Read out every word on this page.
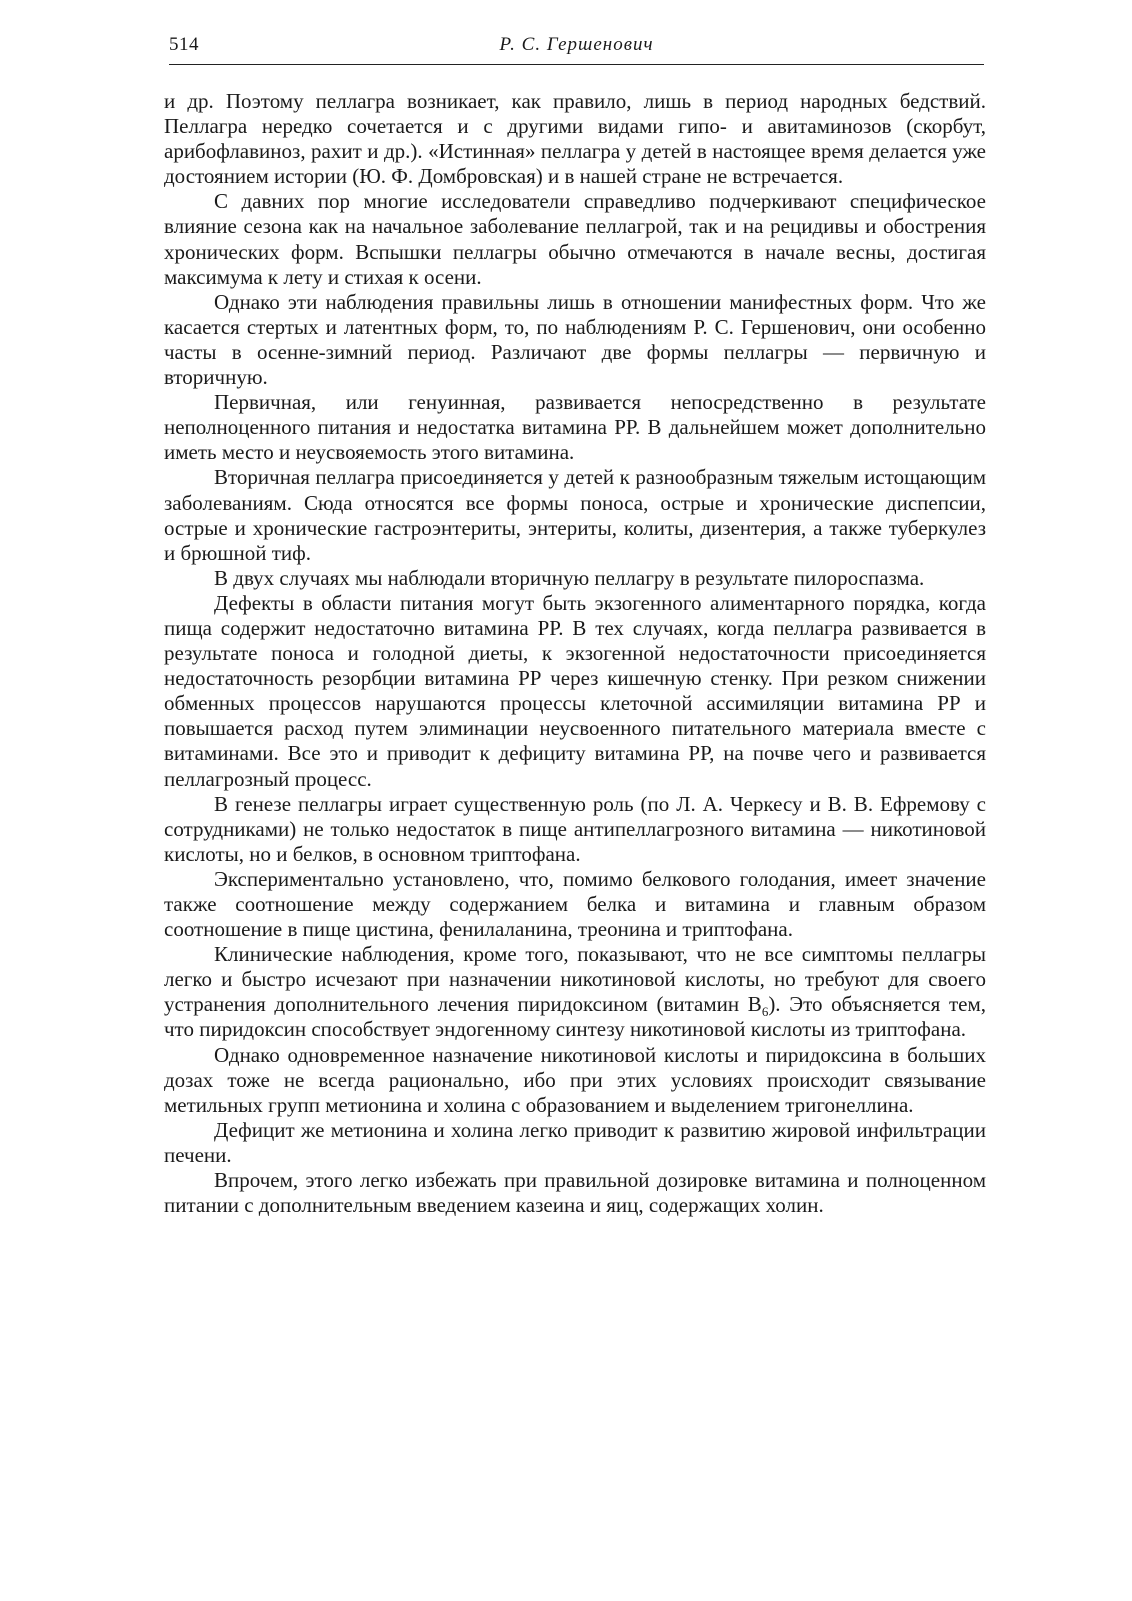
514	Р. С. Гершенович

и др. Поэтому пеллагра возникает, как правило, лишь в период народных бедствий. Пеллагра нередко сочетается и с другими видами гипо- и авитаминозов (скорбут, арибофлавиноз, рахит и др.). «Истинная» пеллагра у детей в настоящее время делается уже достоянием истории (Ю. Ф. Домбровская) и в нашей стране не встречается.

С давних пор многие исследователи справедливо подчеркивают специфическое влияние сезона как на начальное заболевание пеллагрой, так и на рецидивы и обострения хронических форм. Вспышки пеллагры обычно отмечаются в начале весны, достигая максимума к лету и стихая к осени.

Однако эти наблюдения правильны лишь в отношении манифестных форм. Что же касается стертых и латентных форм, то, по наблюдениям Р. С. Гершенович, они особенно часты в осенне-зимний период. Различают две формы пеллагры — первичную и вторичную.

Первичная, или генуинная, развивается непосредственно в результате неполноценного питания и недостатка витамина РР. В дальнейшем может дополнительно иметь место и неусвояемость этого витамина.

Вторичная пеллагра присоединяется у детей к разнообразным тяжелым истощающим заболеваниям. Сюда относятся все формы поноса, острые и хронические диспепсии, острые и хронические гастроэнтериты, энтериты, колиты, дизентерия, а также туберкулез и брюшной тиф.

В двух случаях мы наблюдали вторичную пеллагру в результате пилороспазма.

Дефекты в области питания могут быть экзогенного алиментарного порядка, когда пища содержит недостаточно витамина РР. В тех случаях, когда пеллагра развивается в результате поноса и голодной диеты, к экзогенной недостаточности присоединяется недостаточность резорбции витамина РР через кишечную стенку. При резком снижении обменных процессов нарушаются процессы клеточной ассимиляции витамина РР и повышается расход путем элиминации неусвоенного питательного материала вместе с витаминами. Все это и приводит к дефициту витамина РР, на почве чего и развивается пеллагрозный процесс.

В генезе пеллагры играет существенную роль (по Л. А. Черкесу и В. В. Ефремову с сотрудниками) не только недостаток в пище антипеллагрозного витамина — никотиновой кислоты, но и белков, в основном триптофана.

Экспериментально установлено, что, помимо белкового голодания, имеет значение также соотношение между содержанием белка и витамина и главным образом соотношение в пище цистина, фенилаланина, треонина и триптофана.

Клинические наблюдения, кроме того, показывают, что не все симптомы пеллагры легко и быстро исчезают при назначении никотиновой кислоты, но требуют для своего устранения дополнительного лечения пиридоксином (витамин $B_6$). Это объясняется тем, что пиридоксин способствует эндогенному синтезу никотиновой кислоты из триптофана.

Однако одновременное назначение никотиновой кислоты и пиридоксина в больших дозах тоже не всегда рационально, ибо при этих условиях происходит связывание метильных групп метионина и холина с образованием и выделением тригонеллина.

Дефицит же метионина и холина легко приводит к развитию жировой инфильтрации печени.

Впрочем, этого легко избежать при правильной дозировке витамина и полноценном питании с дополнительным введением казеина и яиц, содержащих холин.
